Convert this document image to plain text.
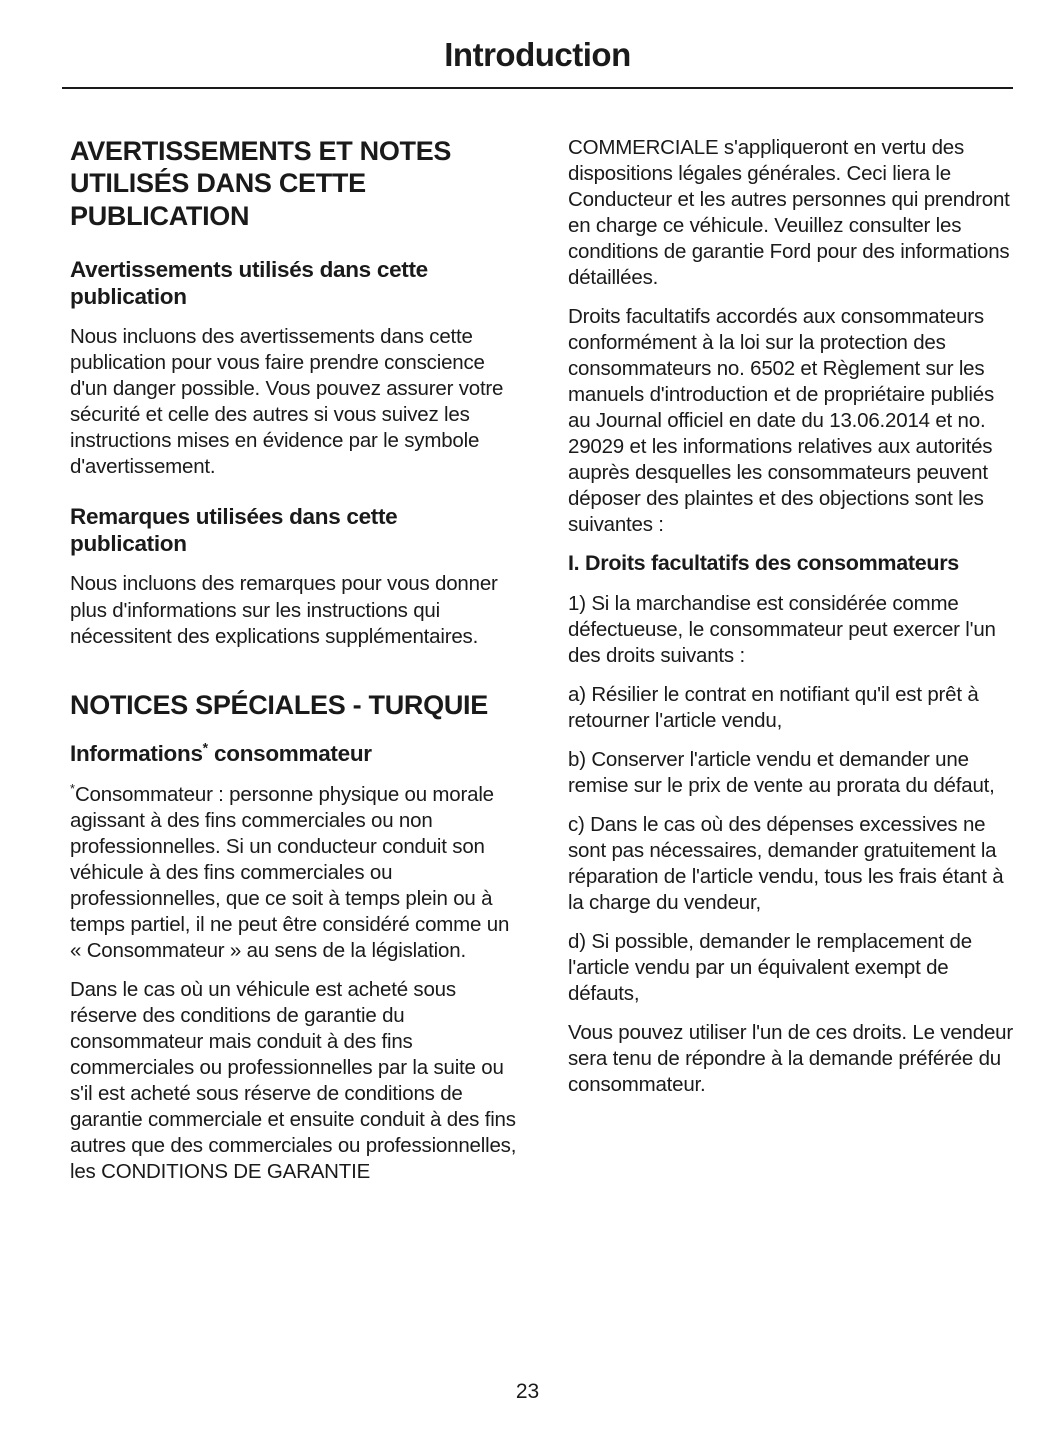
Introduction
AVERTISSEMENTS ET NOTES UTILISÉS DANS CETTE PUBLICATION
Avertissements utilisés dans cette publication

Nous incluons des avertissements dans cette publication pour vous faire prendre conscience d'un danger possible. Vous pouvez assurer votre sécurité et celle des autres si vous suivez les instructions mises en évidence par le symbole d'avertissement.

Remarques utilisées dans cette publication

Nous incluons des remarques pour vous donner plus d'informations sur les instructions qui nécessitent des explications supplémentaires.

NOTICES SPÉCIALES - TURQUIE
Informations* consommateur

*Consommateur : personne physique ou morale agissant à des fins commerciales ou non professionnelles. Si un conducteur conduit son véhicule à des fins commerciales ou professionnelles, que ce soit à temps plein ou à temps partiel, il ne peut être considéré comme un « Consommateur » au sens de la législation.

Dans le cas où un véhicule est acheté sous réserve des conditions de garantie du consommateur mais conduit à des fins commerciales ou professionnelles par la suite ou s'il est acheté sous réserve de conditions de garantie commerciale et ensuite conduit à des fins autres que des commerciales ou professionnelles, les CONDITIONS DE GARANTIE

COMMERCIALE s'appliqueront en vertu des dispositions légales générales. Ceci liera le Conducteur et les autres personnes qui prendront en charge ce véhicule. Veuillez consulter les conditions de garantie Ford pour des informations détaillées.

Droits facultatifs accordés aux consommateurs conformément à la loi sur la protection des consommateurs no. 6502 et Règlement sur les manuels d'introduction et de propriétaire publiés au Journal officiel en date du 13.06.2014 et no. 29029 et les informations relatives aux autorités auprès desquelles les consommateurs peuvent déposer des plaintes et des objections sont les suivantes :

I. Droits facultatifs des consommateurs

1) Si la marchandise est considérée comme défectueuse, le consommateur peut exercer l'un des droits suivants :

a) Résilier le contrat en notifiant qu'il est prêt à retourner l'article vendu,

b) Conserver l'article vendu et demander une remise sur le prix de vente au prorata du défaut,

c) Dans le cas où des dépenses excessives ne sont pas nécessaires, demander gratuitement la réparation de l'article vendu, tous les frais étant à la charge du vendeur,

d) Si possible, demander le remplacement de l'article vendu par un équivalent exempt de défauts,

Vous pouvez utiliser l'un de ces droits. Le vendeur sera tenu de répondre à la demande préférée du consommateur.

23
